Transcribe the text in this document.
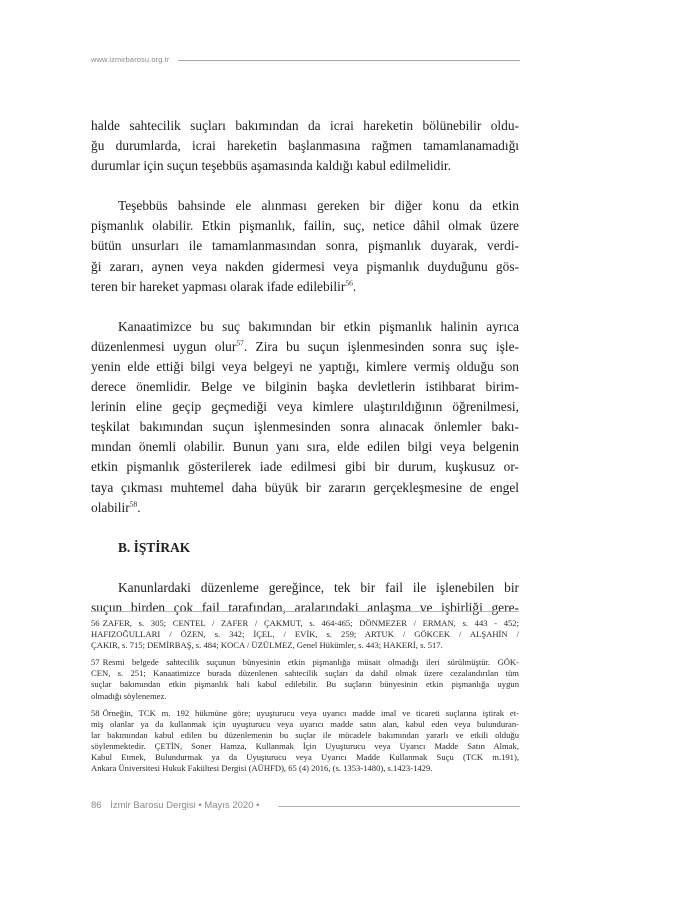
www.izmirbarosu.org.tr
halde sahtecilik suçları bakımından da icrai hareketin bölünebilir oldu-
ğu durumlarda, icrai hareketin başlanmasına rağmen tamamlanamadığı
durumlar için suçun teşebbüs aşamasında kaldığı kabul edilmelidir.
Teşebbüs bahsinde ele alınması gereken bir diğer konu da etkin
pişmanlık olabilir. Etkin pişmanlık, failin, suç, netice dâhil olmak üzere
bütün unsurları ile tamamlanmasından sonra, pişmanlık duyarak, verdi-
ği zararı, aynen veya nakden gidermesi veya pişmanlık duyduğunu gös-
teren bir hareket yapması olarak ifade edilebilir$^{56}$.
Kanaatimizce bu suç bakımından bir etkin pişmanlık halinin ayrıca
düzenlenmesi uygun olur$^{57}$. Zira bu suçun işlenmesinden sonra suç işle-
yenin elde ettiği bilgi veya belgeyi ne yaptığı, kimlere vermiş olduğu son
derece önemlidir. Belge ve bilginin başka devletlerin istihbarat birim-
lerinin eline geçip geçmediği veya kimlere ulaştırıldığının öğrenilmesi,
teşkilat bakımından suçun işlenmesinden sonra alınacak önlemler bakı-
mından önemli olabilir. Bunun yanı sıra, elde edilen bilgi veya belgenin
etkin pişmanlık gösterilerek iade edilmesi gibi bir durum, kuşkusuz or-
taya çıkması muhtemel daha büyük bir zararın gerçekleşmesine de engel
olabilir$^{58}$.
B. İŞTİRAK
Kanunlardaki düzenleme gereğince, tek bir fail ile işlenebilen bir
suçun birden çok fail tarafından, aralarındaki anlaşma ve işbirliği gere-
56 ZAFER, s. 305; CENTEL / ZAFER / ÇAKMUT, s. 464-465; DÖNMEZER / ERMAN, s. 443 - 452;
HAFIZOĞULLARI / ÖZEN, s. 342; İÇEL, / EVİK, s. 259; ARTUK / GÖKCEK / ALŞAHİN /
ÇAKIR, s. 715; DEMİRBAŞ, s. 484; KOCA / ÜZÜLMEZ, Genel Hükümler, s. 443; HAKERİ, s. 517.
57 Resmi belgede sahtecilik suçunun bünyesinin etkin pişmanlığa müsait olmadığı ileri sürülmüştür. GÖK-
CEN, s. 251; Kanaatimizce burada düzenlenen sahtecilik suçları da dahil olmak üzere cezalandırılan tüm
suçlar bakımından etkin pişmanlık hali kabul edilebilir. Bu suçların bünyesinin etkin pişmanlığa uygun
olmadığı söylenemez.
58 Örneğin, TCK m. 192 hükmüne göre; uyuşturucu veya uyarıcı madde imal ve ticareti suçlarına iştirak et-
miş olanlar ya da kullanmak için uyuşturucu veya uyarıcı madde satın alan, kabul eden veya bulunduran-
lar bakımından kabul edilen bu düzenlemenin bu suçlar ile mücadele bakımından yararlı ve etkili olduğu
söylenmektedir. ÇETİN, Soner Hamza, Kullanmak İçin Uyuşturucu veya Uyarıcı Madde Satın Almak,
Kabul Etmek, Bulundurmak ya da Uyuşturucu veya Uyarıcı Madde Kullanmak Suçu (TCK m.191),
Ankara Üniversitesi Hukuk Fakültesi Dergisi (AÜHFD), 65 (4) 2016, (s. 1353-1480), s.1423-1429.
86 İzmir Barosu Dergisi • Mayıs 2020 •
